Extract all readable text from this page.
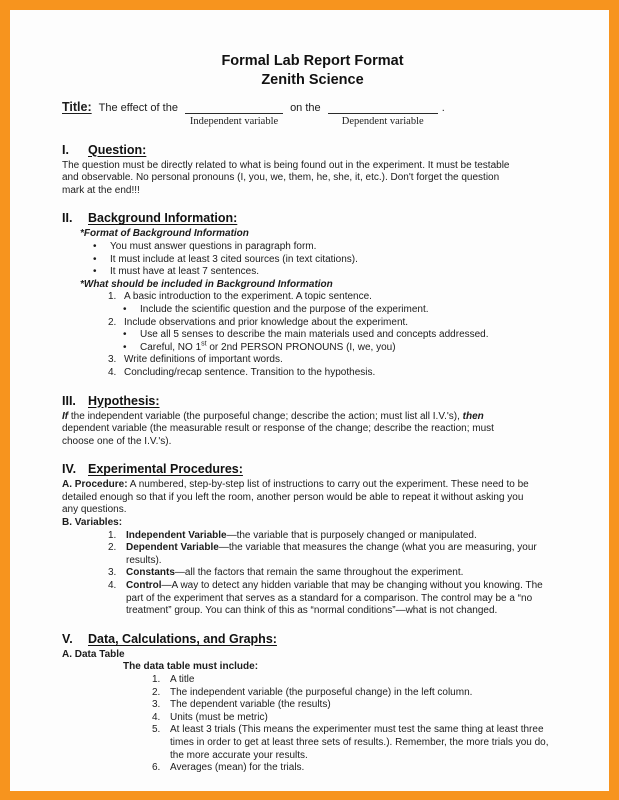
Formal Lab Report Format
Zenith Science
Title: The effect of the
Independent variable
on the
Dependent variable
.
I. Question:

The question must be directly related to what is being found out in the experiment. It must be testable and observable. No personal pronouns (I, you, we, them, he, she, it, etc.). Don't forget the question mark at the end!!!

II. Background Information:
*Format of Background Information
•
You must answer questions in paragraph form.
•
It must include at least 3 cited sources (in text citations).
•
It must have at least 7 sentences.
*What should be included in Background Information
1. A basic introduction to the experiment. A topic sentence.
•
Include the scientific question and the purpose of the experiment.
2. Include observations and prior knowledge about the experiment.
•
Use all 5 senses to describe the main materials used and concepts addressed.
•
Careful, NO 1st or 2nd PERSON PRONOUNS (I, we, you)
3. Write definitions of important words.
4. Concluding/recap sentence. Transition to the hypothesis.
III. Hypothesis:

If the independent variable (the purposeful change; describe the action; must list all I.V.'s), then dependent variable (the measurable result or response of the change; describe the reaction; must choose one of the I.V.'s).

IV. Experimental Procedures:

A. Procedure: A numbered, step-by-step list of instructions to carry out the experiment. These need to be detailed enough so that if you left the room, another person would be able to repeat it without asking you any questions.

B. Variables:

1. Independent Variable—the variable that is purposely changed or manipulated.
2. Dependent Variable—the variable that measures the change (what you are measuring, your results).
3. Constants—all the factors that remain the same throughout the experiment.
4. Control—A way to detect any hidden variable that may be changing without you knowing. The part of the experiment that serves as a standard for a comparison. The control may be a “no treatment” group. You can think of this as “normal conditions”—what is not changed.
V. Data, Calculations, and Graphs:

A. Data Table

The data table must include:
1. A title
2. The independent variable (the purposeful change) in the left column.
3. The dependent variable (the results)
4. Units (must be metric)
5. At least 3 trials (This means the experimenter must test the same thing at least three times in order to get at least three sets of results.). Remember, the more trials you do, the more accurate your results.
6. Averages (mean) for the trials.
